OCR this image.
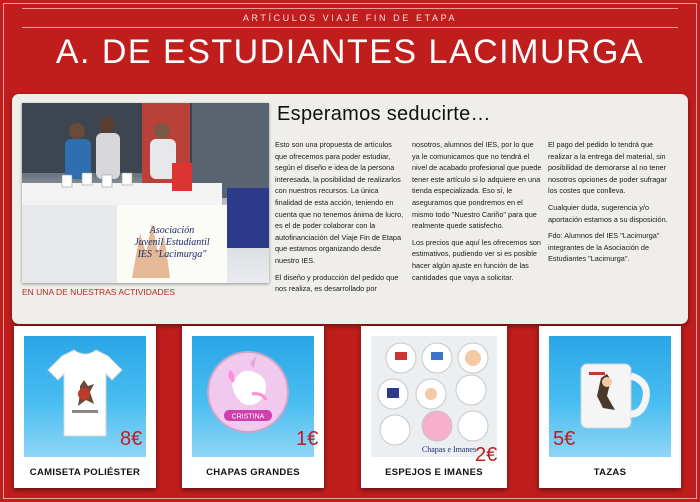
ARTÍCULOS VIAJE FIN DE ETAPA
A. DE ESTUDIANTES LACIMURGA
Asociación
Juvenil Estudiantil
IES "Lacimurga"
EN UNA DE NUESTRAS ACTIVIDADES
Esperamos seducirte…

Esto son una propuesta de artículos que ofrecemos para poder estudiar, según el diseño e idea de la persona interesada, la posibilidad de realizarlos con nuestros recursos. La única finalidad de esta acción, teniendo en cuenta que no tenemos ánima de lucro, es el de poder colaborar con la autofinanciación del Viaje Fin de Etapa que estamos organizando desde nuestro IES.

El diseño y producción del pedido que nos realiza, es desarrollado por

nosotros, alumnos del IES, por lo que ya le comunicamos que no tendrá el nivel de acabado profesional que puede tener este artículo si lo adquiere en una tienda especializada. Eso sí, le aseguramos que pondremos en el mismo todo "Nuestro Cariño" para que realmente quede satisfecho.

Los precios que aquí les ofrecemos son estimativos, pudiendo ver si es posible hacer algún ajuste en función de las cantidades que vaya a solicitar.

El pago del pedido lo tendrá que realizar a la entrega del material, sin posibilidad de demorarse al no tener nosotros opciones de poder sufragar los costes que conlleva.

Cualquier duda, sugerencia y/o aportación estamos a su disposición.

Fdo: Alumnos del IES "Lacimurga" integrantes de la Asociación de Estudiantes "Lacimurga".

8€
CAMISETA POLIÉSTER
CRISTINA
1€
CHAPAS GRANDES
Chapas e Imanes
2€
ESPEJOS E IMANES
5€
TAZAS
